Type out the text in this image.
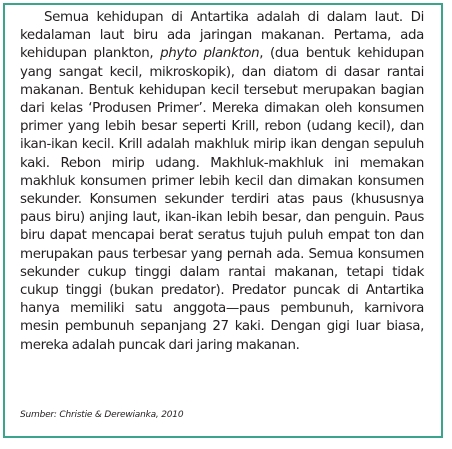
Semua kehidupan di Antartika adalah di dalam laut. Di kedalaman laut biru ada jaringan makanan. Pertama, ada kehidupan plankton, phyto plankton, (dua bentuk kehidupan yang sangat kecil, mikroskopik), dan diatom di dasar rantai makanan. Bentuk kehidupan kecil tersebut merupakan bagian dari kelas ‘Produsen Primer’. Mereka dimakan oleh konsumen primer yang lebih besar seperti Krill, rebon (udang kecil), dan ikan-ikan kecil. Krill adalah makhluk mirip ikan dengan sepuluh kaki. Rebon mirip udang. Makhluk-makhluk ini memakan makhluk konsumen primer lebih kecil dan dimakan konsumen sekunder. Konsumen sekunder terdiri atas paus (khususnya paus biru) anjing laut, ikan-ikan lebih besar, dan penguin. Paus biru dapat mencapai berat seratus tujuh puluh empat ton dan merupakan paus terbesar yang pernah ada. Semua konsumen sekunder cukup tinggi dalam rantai makanan, tetapi tidak cukup tinggi (bukan predator). Predator puncak di Antartika hanya memiliki satu anggota—paus pembunuh, karnivora mesin pembunuh sepanjang 27 kaki. Dengan gigi luar biasa, mereka adalah puncak dari jaring makanan.

Sumber: Christie & Derewianka, 2010
